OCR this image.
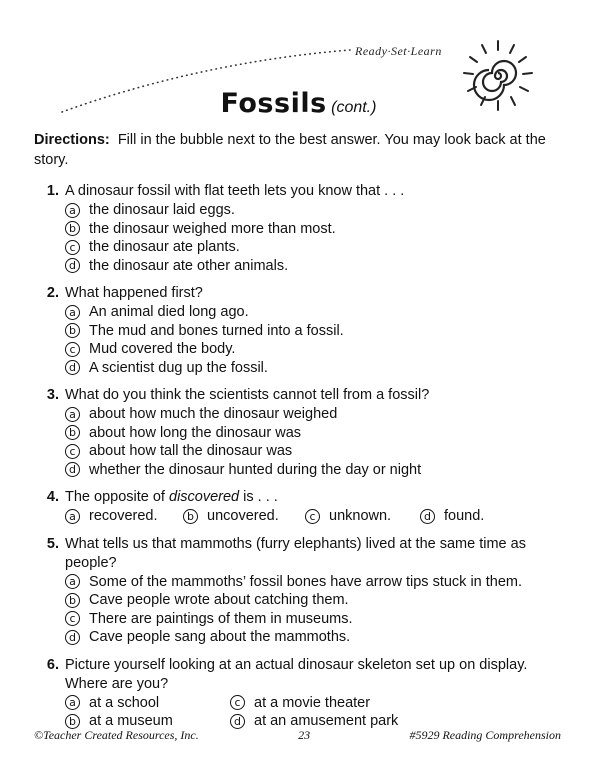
Ready·Set·Learn
Fossils (cont.)
Directions: Fill in the bubble next to the best answer. You may look back at the story.
1. A dinosaur fossil with flat teeth lets you know that . . .
a the dinosaur laid eggs.
b the dinosaur weighed more than most.
c the dinosaur ate plants.
d the dinosaur ate other animals.
2. What happened first?
a An animal died long ago.
b The mud and bones turned into a fossil.
c Mud covered the body.
d A scientist dug up the fossil.
3. What do you think the scientists cannot tell from a fossil?
a about how much the dinosaur weighed
b about how long the dinosaur was
c about how tall the dinosaur was
d whether the dinosaur hunted during the day or night
4. The opposite of discovered is . . .
a recovered.	b uncovered.	c unknown.	d found.
5. What tells us that mammoths (furry elephants) lived at the same time as people?
a Some of the mammoths’ fossil bones have arrow tips stuck in them.
b Cave people wrote about catching them.
c There are paintings of them in museums.
d Cave people sang about the mammoths.
6. Picture yourself looking at an actual dinosaur skeleton set up on display. Where are you?
a at a school	c at a movie theater
b at a museum	d at an amusement park
©Teacher Created Resources, Inc.	23	#5929 Reading Comprehension
